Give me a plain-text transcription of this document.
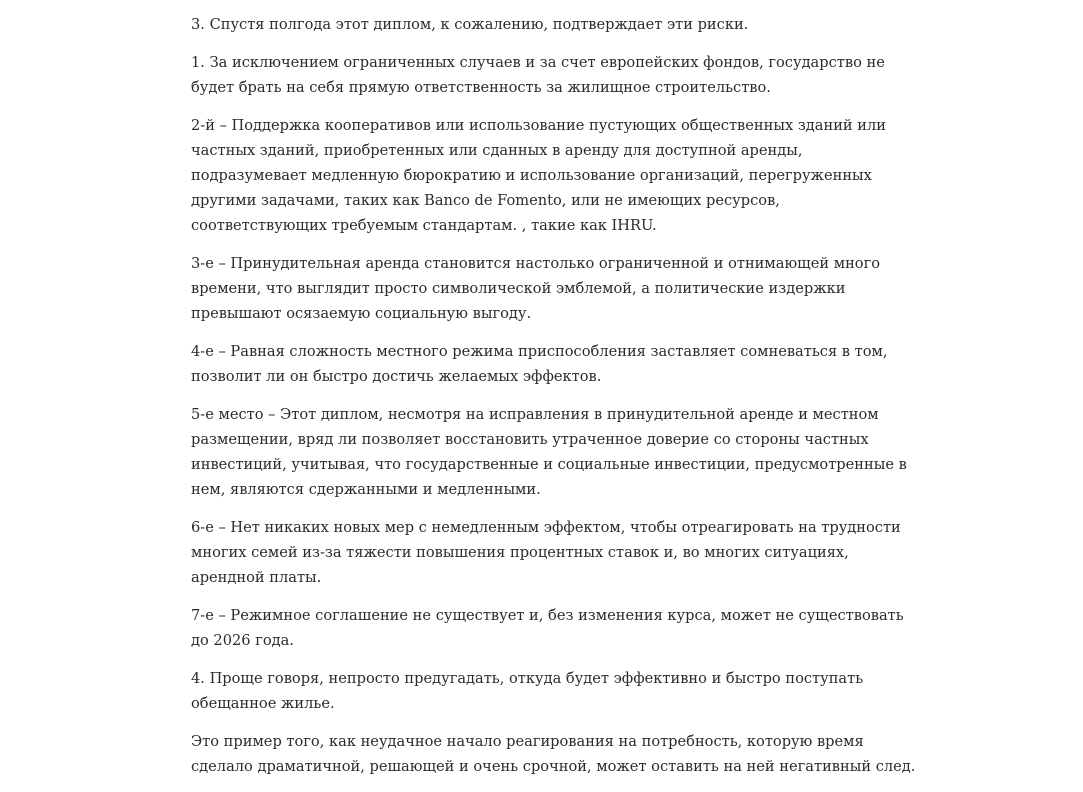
3. Спустя полгода этот диплом, к сожалению, подтверждает эти риски.

1. За исключением ограниченных случаев и за счет европейских фондов, государство не будет брать на себя прямую ответственность за жилищное строительство.

2-й – Поддержка кооперативов или использование пустующих общественных зданий или частных зданий, приобретенных или сданных в аренду для доступной аренды, подразумевает медленную бюрократию и использование организаций, перегруженных другими задачами, таких как Banco de Fomento, или не имеющих ресурсов, соответствующих требуемым стандартам. , такие как IHRU.

3-е – Принудительная аренда становится настолько ограниченной и отнимающей много времени, что выглядит просто символической эмблемой, а политические издержки превышают осязаемую социальную выгоду.

4-е – Равная сложность местного режима приспособления заставляет сомневаться в том, позволит ли он быстро достичь желаемых эффектов.

5-е место – Этот диплом, несмотря на исправления в принудительной аренде и местном размещении, вряд ли позволяет восстановить утраченное доверие со стороны частных инвестиций, учитывая, что государственные и социальные инвестиции, предусмотренные в нем, являются сдержанными и медленными.

6-е – Нет никаких новых мер с немедленным эффектом, чтобы отреагировать на трудности многих семей из-за тяжести повышения процентных ставок и, во многих ситуациях, арендной платы.

7-е – Режимное соглашение не существует и, без изменения курса, может не существовать до 2026 года.

4. Проще говоря, непросто предугадать, откуда будет эффективно и быстро поступать обещанное жилье.

Это пример того, как неудачное начало реагирования на потребность, которую время сделало драматичной, решающей и очень срочной, может оставить на ней негативный след.
